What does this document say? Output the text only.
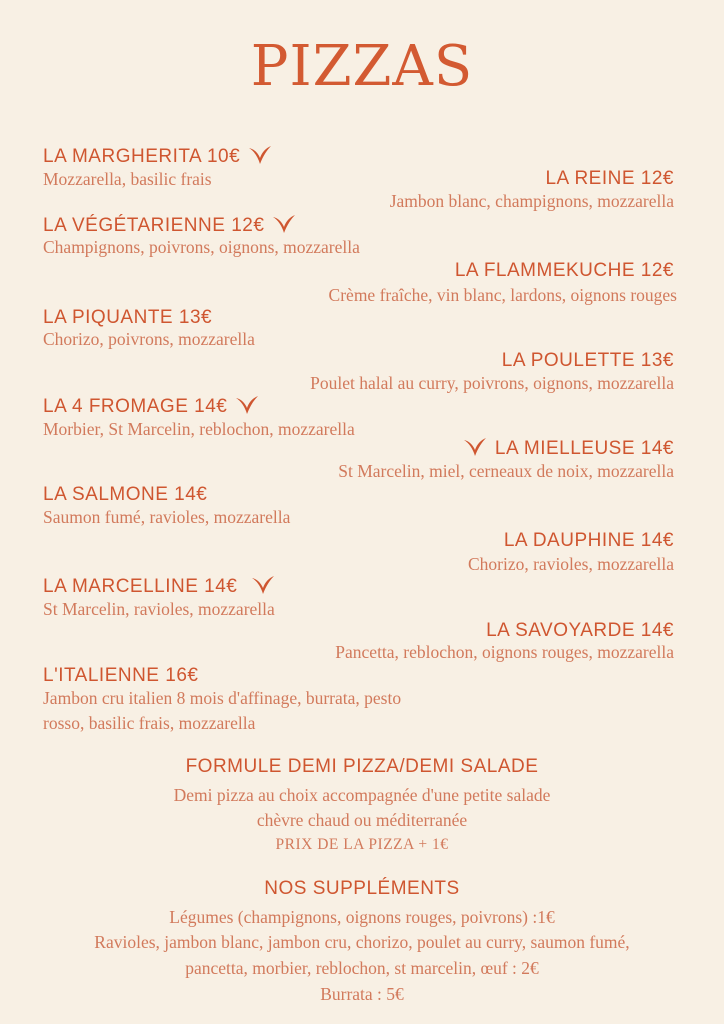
PIZZAS
LA MARGHERITA 10€
Mozzarella, basilic frais	LA REINE 12€
Jambon blanc, champignons, mozzarella
LA VÉGÉTARIENNE 12€
Champignons, poivrons, oignons, mozzarella
LA FLAMMEKUCHE 12€
Crème fraîche, vin blanc, lardons, oignons rouges
LA PIQUANTE 13€
Chorizo, poivrons, mozzarella
LA POULETTE 13€
Poulet halal au curry, poivrons, oignons, mozzarella
LA 4 FROMAGE 14€
Morbier, St Marcelin, reblochon, mozzarella
LA MIELLEUSE 14€
St Marcelin, miel, cerneaux de noix, mozzarella
LA SALMONE 14€
Saumon fumé, ravioles, mozzarella
LA DAUPHINE 14€
Chorizo, ravioles, mozzarella
LA MARCELLINE 14€
St Marcelin, ravioles, mozzarella
LA SAVOYARDE 14€
Pancetta, reblochon, oignons rouges, mozzarella
L'ITALIENNE 16€
Jambon cru italien 8 mois d'affinage, burrata, pesto
rosso, basilic frais, mozzarella
FORMULE DEMI PIZZA/DEMI SALADE
Demi pizza au choix accompagnée d'une petite salade
chèvre chaud ou méditerranée
PRIX DE LA PIZZA + 1€
NOS SUPPLÉMENTS
Légumes (champignons, oignons rouges, poivrons) :1€
Ravioles, jambon blanc, jambon cru, chorizo, poulet au curry, saumon fumé,
pancetta, morbier, reblochon, st marcelin, œuf : 2€
Burrata : 5€
